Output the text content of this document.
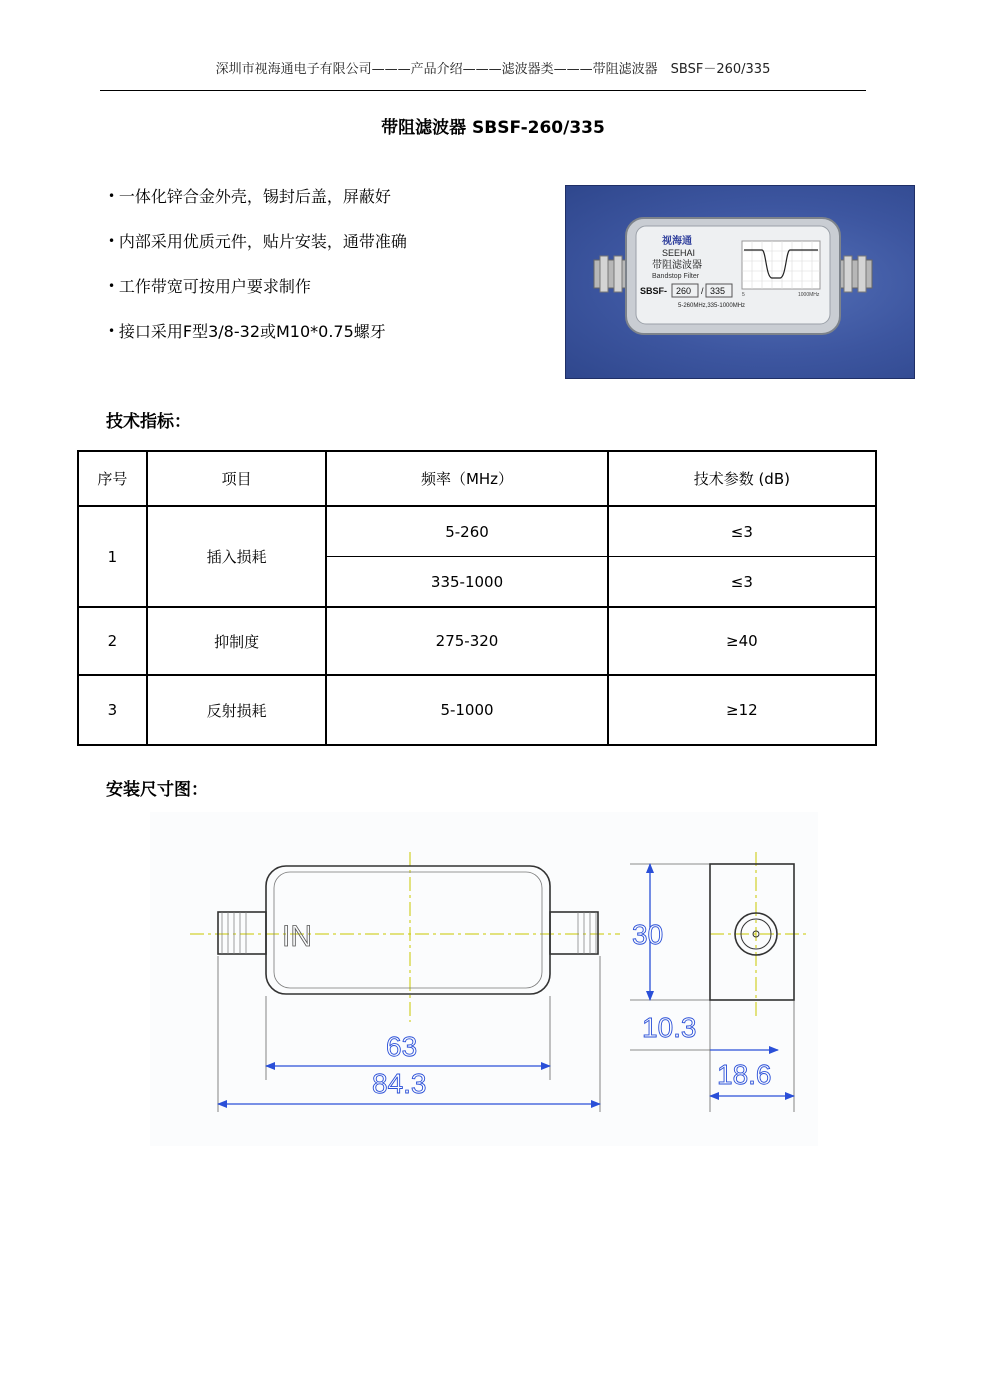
深圳市视海通电子有限公司———产品介绍———滤波器类———带阻滤波器　SBSF－260/335
带阻滤波器 SBSF-260/335
• 一体化锌合金外壳，锡封后盖，屏蔽好
• 内部采用优质元件，贴片安装，通带准确
• 工作带宽可按用户要求制作
• 接口采用F型3/8-32或M10*0.75螺牙
视海通
SEEHAI
带阻滤波器
Bandstop Filter
SBSF- 260 / 335
5-260MHz,335-1000MHz
5	1000MHz
技术指标：
序号	项目	频率（MHz）	技术参数 (dB)
1	插入损耗	5-260	≤3
		335-1000	≤3
2	抑制度	275-320	≥40
3	反射损耗	5-1000	≥12
安装尺寸图：
IN
63
84.3
30
10.3
18.6
